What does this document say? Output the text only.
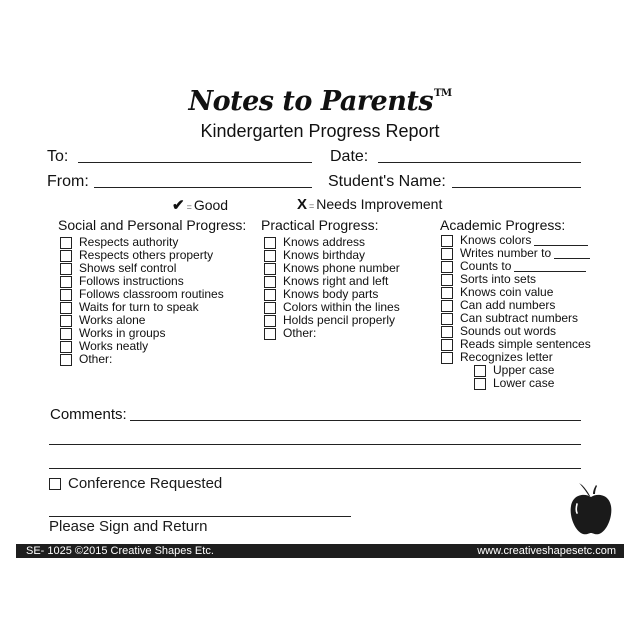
Notes to Parents™
Kindergarten Progress Report
To:	Date:
From:	Student's Name:
✔ = Good	X = Needs Improvement
Social and Personal Progress: Practical Progress:	Academic Progress:
Respects authority
Respects others property
Shows self control
Follows instructions
Follows classroom routines
Waits for turn to speak
Works alone
Works in groups
Works neatly
Other:
Knows address
Knows birthday
Knows phone number
Knows right and left
Knows body parts
Colors within the lines
Holds pencil properly
Other:
Knows colors
Writes number to
Counts to
Sorts into sets
Knows coin value
Can add numbers
Can subtract numbers
Sounds out words
Reads simple sentences
Recognizes letter
Upper case
Lower case
Comments:
Conference Requested
Please Sign and Return
SE- 1025 ©2015 Creative Shapes Etc.	www.creativeshapesetc.com
